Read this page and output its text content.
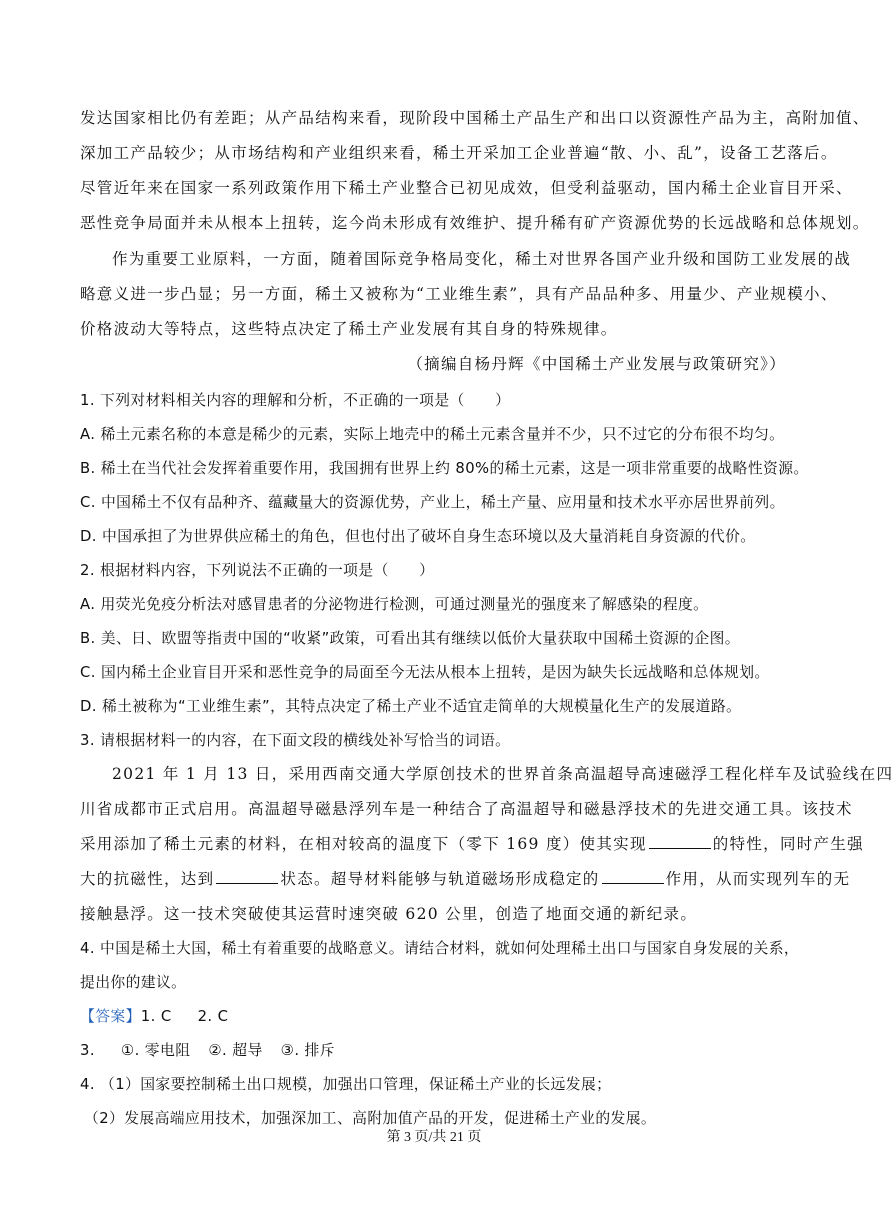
发达国家相比仍有差距；从产品结构来看，现阶段中国稀土产品生产和出口以资源性产品为主，高附加值、
深加工产品较少；从市场结构和产业组织来看，稀土开采加工企业普遍“散、小、乱”，设备工艺落后。
尽管近年来在国家一系列政策作用下稀土产业整合已初见成效，但受利益驱动，国内稀土企业盲目开采、
恶性竞争局面并未从根本上扭转，迄今尚未形成有效维护、提升稀有矿产资源优势的长远战略和总体规划。
作为重要工业原料，一方面，随着国际竞争格局变化，稀土对世界各国产业升级和国防工业发展的战
略意义进一步凸显；另一方面，稀土又被称为“工业维生素”，具有产品品种多、用量少、产业规模小、
价格波动大等特点，这些特点决定了稀土产业发展有其自身的特殊规律。
（摘编自杨丹辉《中国稀土产业发展与政策研究》）
1. 下列对材料相关内容的理解和分析，不正确的一项是（　　）
A. 稀土元素名称的本意是稀少的元素，实际上地壳中的稀土元素含量并不少，只不过它的分布很不均匀。
B. 稀土在当代社会发挥着重要作用，我国拥有世界上约 80%的稀土元素，这是一项非常重要的战略性资源。
C. 中国稀土不仅有品种齐、蕴藏量大的资源优势，产业上，稀土产量、应用量和技术水平亦居世界前列。
D. 中国承担了为世界供应稀土的角色，但也付出了破坏自身生态环境以及大量消耗自身资源的代价。
2. 根据材料内容，下列说法不正确的一项是（　　）
A. 用荧光免疫分析法对感冒患者的分泌物进行检测，可通过测量光的强度来了解感染的程度。
B. 美、日、欧盟等指责中国的“收紧”政策，可看出其有继续以低价大量获取中国稀土资源的企图。
C. 国内稀土企业盲目开采和恶性竞争的局面至今无法从根本上扭转，是因为缺失长远战略和总体规划。
D. 稀土被称为“工业维生素”，其特点决定了稀土产业不适宜走简单的大规模量化生产的发展道路。
3. 请根据材料一的内容，在下面文段的横线处补写恰当的词语。
2021 年 1 月 13 日，采用西南交通大学原创技术的世界首条高温超导高速磁浮工程化样车及试验线在四
川省成都市正式启用。高温超导磁悬浮列车是一种结合了高温超导和磁悬浮技术的先进交通工具。该技术
采用添加了稀土元素的材料，在相对较高的温度下（零下 169 度）使其实现	的特性，同时产生强
大的抗磁性，达到	状态。超导材料能够与轨道磁场形成稳定的	作用，从而实现列车的无
接触悬浮。这一技术突破使其运营时速突破 620 公里，创造了地面交通的新纪录。
4. 中国是稀土大国，稀土有着重要的战略意义。请结合材料，就如何处理稀土出口与国家自身发展的关系，
提出你的建议。
【答案】1. C 2. C
3. ①. 零电阻 ②. 超导 ③. 排斥
4. （1）国家要控制稀土出口规模，加强出口管理，保证稀土产业的长远发展；
（2）发展高端应用技术，加强深加工、高附加值产品的开发，促进稀土产业的发展。
第 3 页/共 21 页
